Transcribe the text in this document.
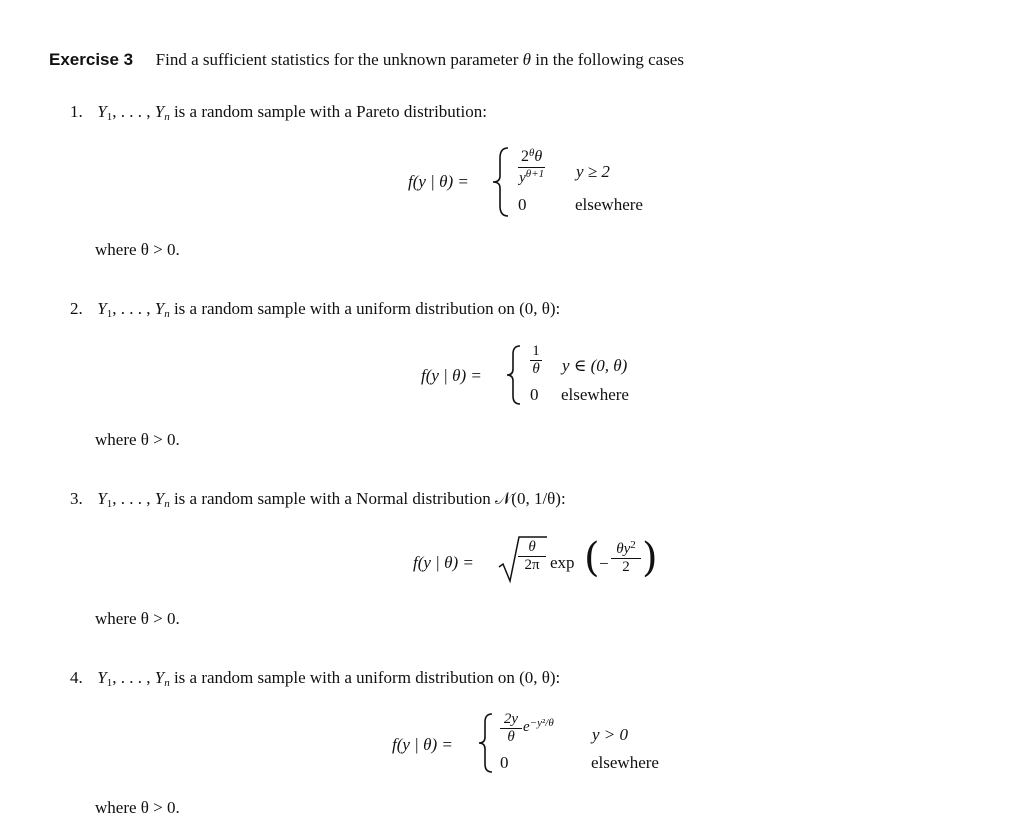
Exercise 3 Find a sufficient statistics for the unknown parameter θ in the following cases
1. $Y_1$, . . . , $Y_n$ is a random sample with a Pareto distribution:
f(y | θ) =
$2^\theta\theta$
$y^{\theta+1}$ y ≥ 2
0	elsewhere
where θ > 0.
2. $Y_1$, . . . , $Y_n$ is a random sample with a uniform distribution on (0, θ):
f(y | θ) =
1
θ y ∈ (0, θ)
0 elsewhere
where θ > 0.
3. $Y_1$, . . . , $Y_n$ is a random sample with a Normal distribution 𝒩(0, 1/θ):
f(y | θ) =
θ
2π exp ( −
$\theta y^2$
2 )
where θ > 0.
4. $Y_1$, . . . , $Y_n$ is a random sample with a uniform distribution on (0, θ):
f(y | θ) =
2y
θ
$e^{-y^2/\theta}$
y > 0
0	elsewhere
where θ > 0.
